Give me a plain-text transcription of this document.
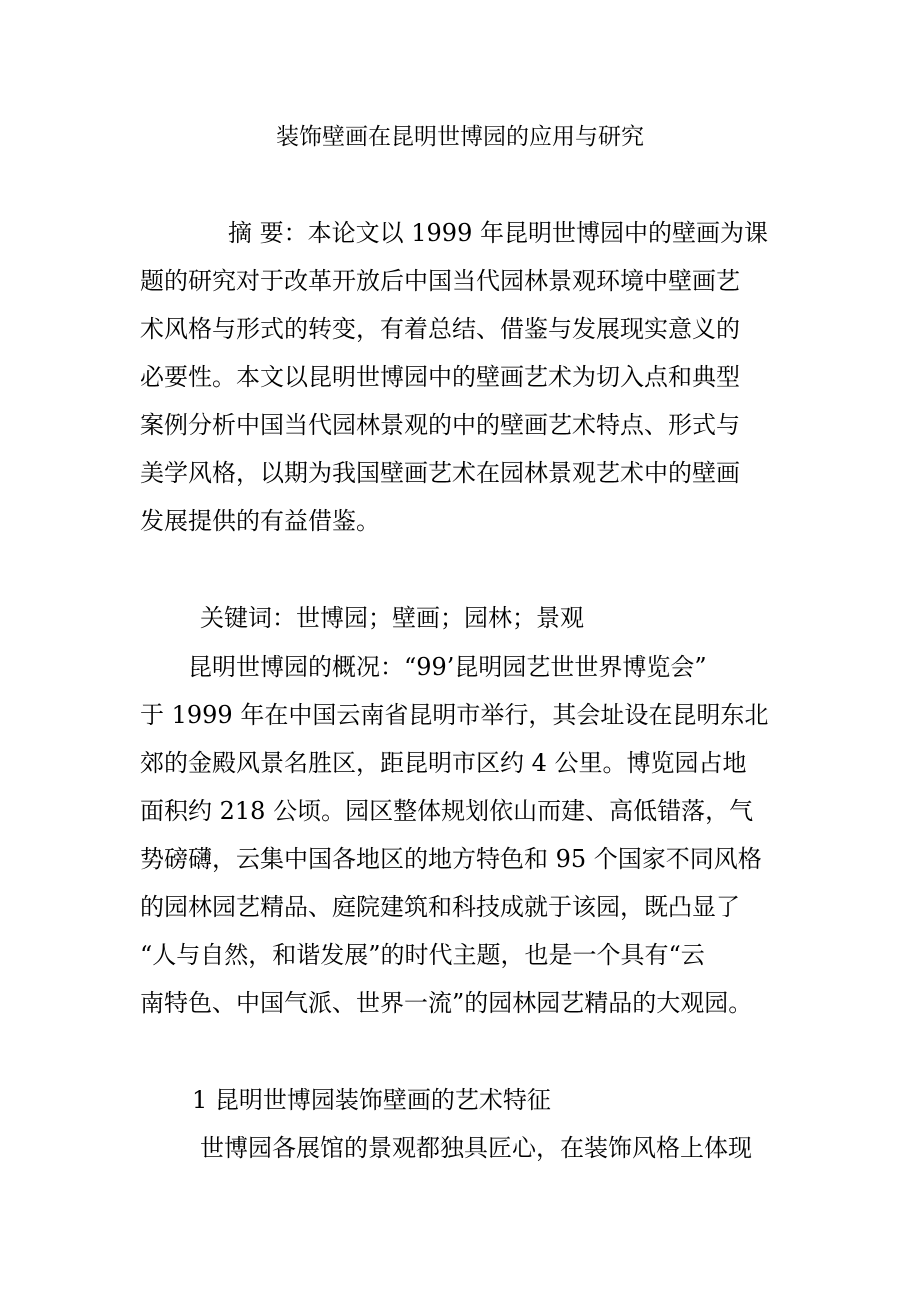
装饰壁画在昆明世博园的应用与研究
摘 要：本论文以 1999 年昆明世博园中的壁画为课
题的研究对于改革开放后中国当代园林景观环境中壁画艺
术风格与形式的转变，有着总结、借鉴与发展现实意义的
必要性。本文以昆明世博园中的壁画艺术为切入点和典型
案例分析中国当代园林景观的中的壁画艺术特点、形式与
美学风格，以期为我国壁画艺术在园林景观艺术中的壁画
发展提供的有益借鉴。
关键词：世博园；壁画；园林；景观
昆明世博园的概况：“99’昆明园艺世世界博览会”
于 1999 年在中国云南省昆明市举行，其会址设在昆明东北
郊的金殿风景名胜区，距昆明市区约 4 公里。博览园占地
面积约 218 公顷。园区整体规划依山而建、高低错落，气
势磅礴，云集中国各地区的地方特色和 95 个国家不同风格
的园林园艺精品、庭院建筑和科技成就于该园，既凸显了
“人与自然，和谐发展”的时代主题，也是一个具有“云
南特色、中国气派、世界一流”的园林园艺精品的大观园。
1 昆明世博园装饰壁画的艺术特征
世博园各展馆的景观都独具匠心，在装饰风格上体现
